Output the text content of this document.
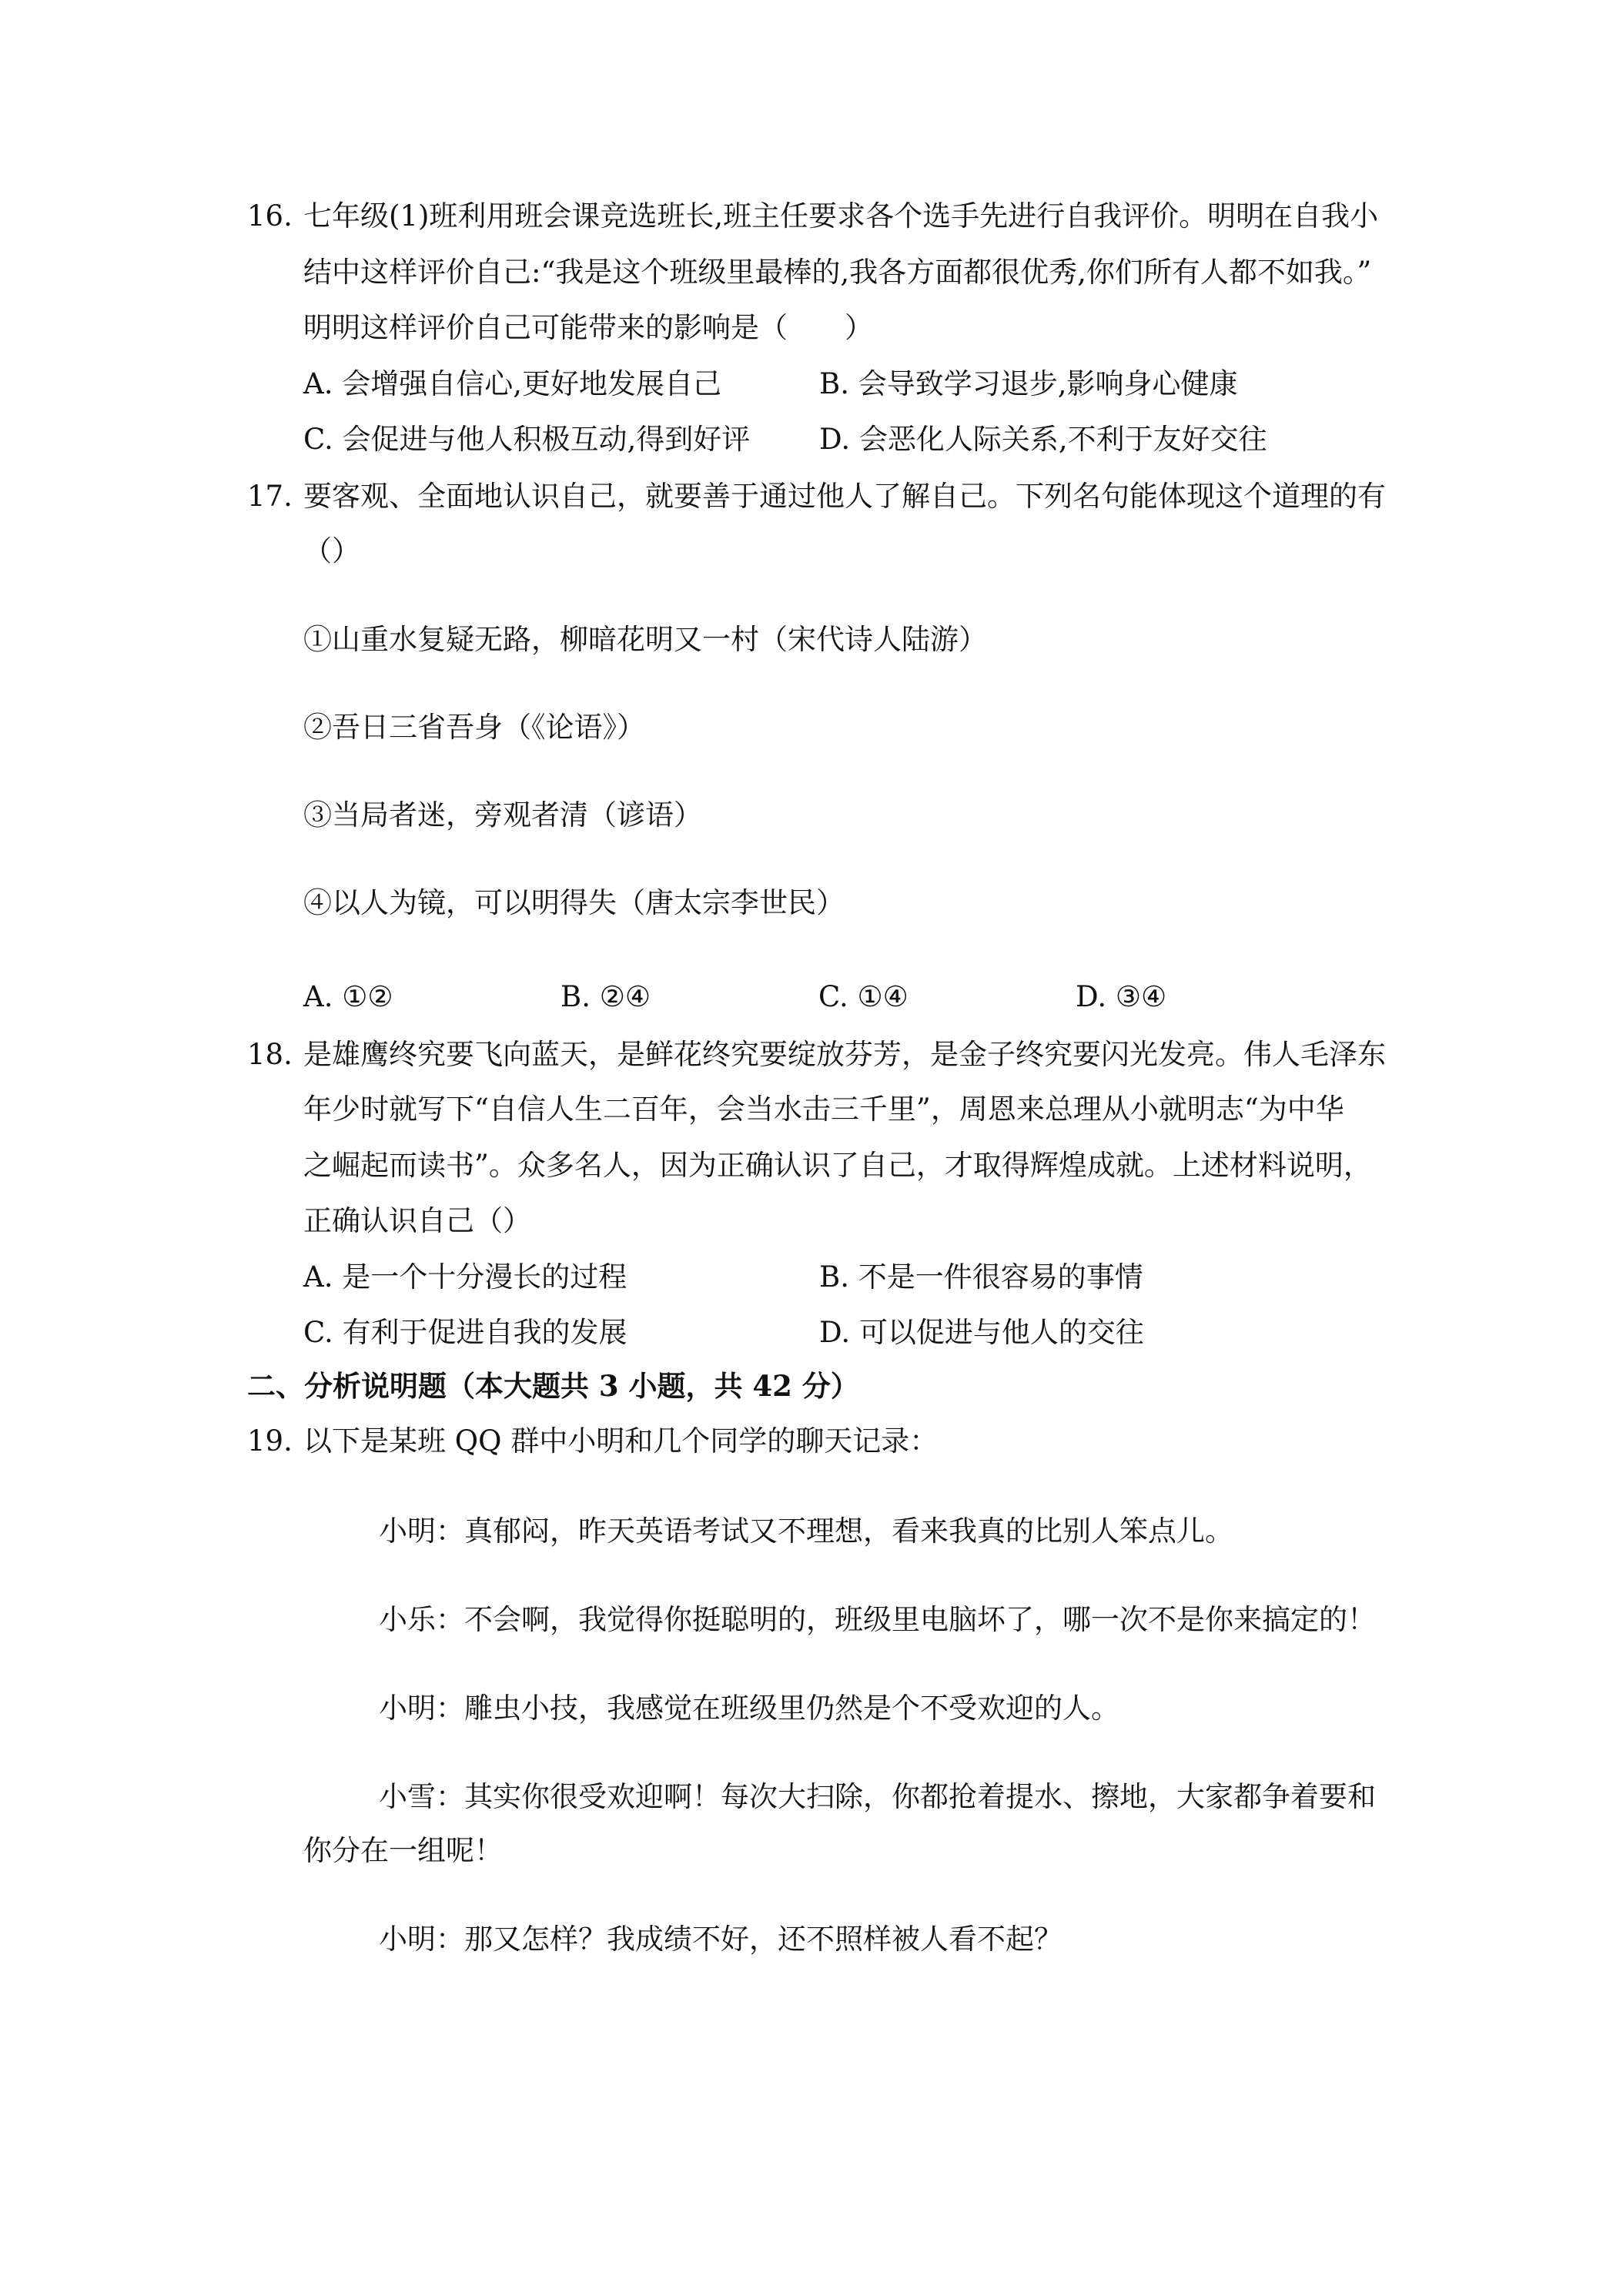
16. 七年级(1)班利用班会课竞选班长,班主任要求各个选手先进行自我评价。明明在自我小
结中这样评价自己:“我是这个班级里最棒的,我各方面都很优秀,你们所有人都不如我。”
明明这样评价自己可能带来的影响是（　　）
A. 会增强自信心,更好地发展自己	B. 会导致学习退步,影响身心健康
C. 会促进与他人积极互动,得到好评 D. 会恶化人际关系,不利于友好交往
17. 要客观、全面地认识自己，就要善于通过他人了解自己。下列名句能体现这个道理的有
（）
①山重水复疑无路，柳暗花明又一村（宋代诗人陆游）
②吾日三省吾身（《论语》）
③当局者迷，旁观者清（谚语）
④以人为镜，可以明得失（唐太宗李世民）
A. ①②	B. ②④	C. ①④	D. ③④
18. 是雄鹰终究要飞向蓝天，是鲜花终究要绽放芬芳，是金子终究要闪光发亮。伟人毛泽东
年少时就写下“自信人生二百年，会当水击三千里”，周恩来总理从小就明志“为中华
之崛起而读书”。众多名人，因为正确认识了自己，才取得辉煌成就。上述材料说明，
正确认识自己（）
A. 是一个十分漫长的过程	B. 不是一件很容易的事情
C. 有利于促进自我的发展	D. 可以促进与他人的交往
二、分析说明题（本大题共 3 小题，共 42 分）
19. 以下是某班 QQ 群中小明和几个同学的聊天记录：
小明：真郁闷，昨天英语考试又不理想，看来我真的比别人笨点儿。
小乐：不会啊，我觉得你挺聪明的，班级里电脑坏了，哪一次不是你来搞定的！
小明：雕虫小技，我感觉在班级里仍然是个不受欢迎的人。
小雪：其实你很受欢迎啊！每次大扫除，你都抢着提水、擦地，大家都争着要和
你分在一组呢！
小明：那又怎样？我成绩不好，还不照样被人看不起？
